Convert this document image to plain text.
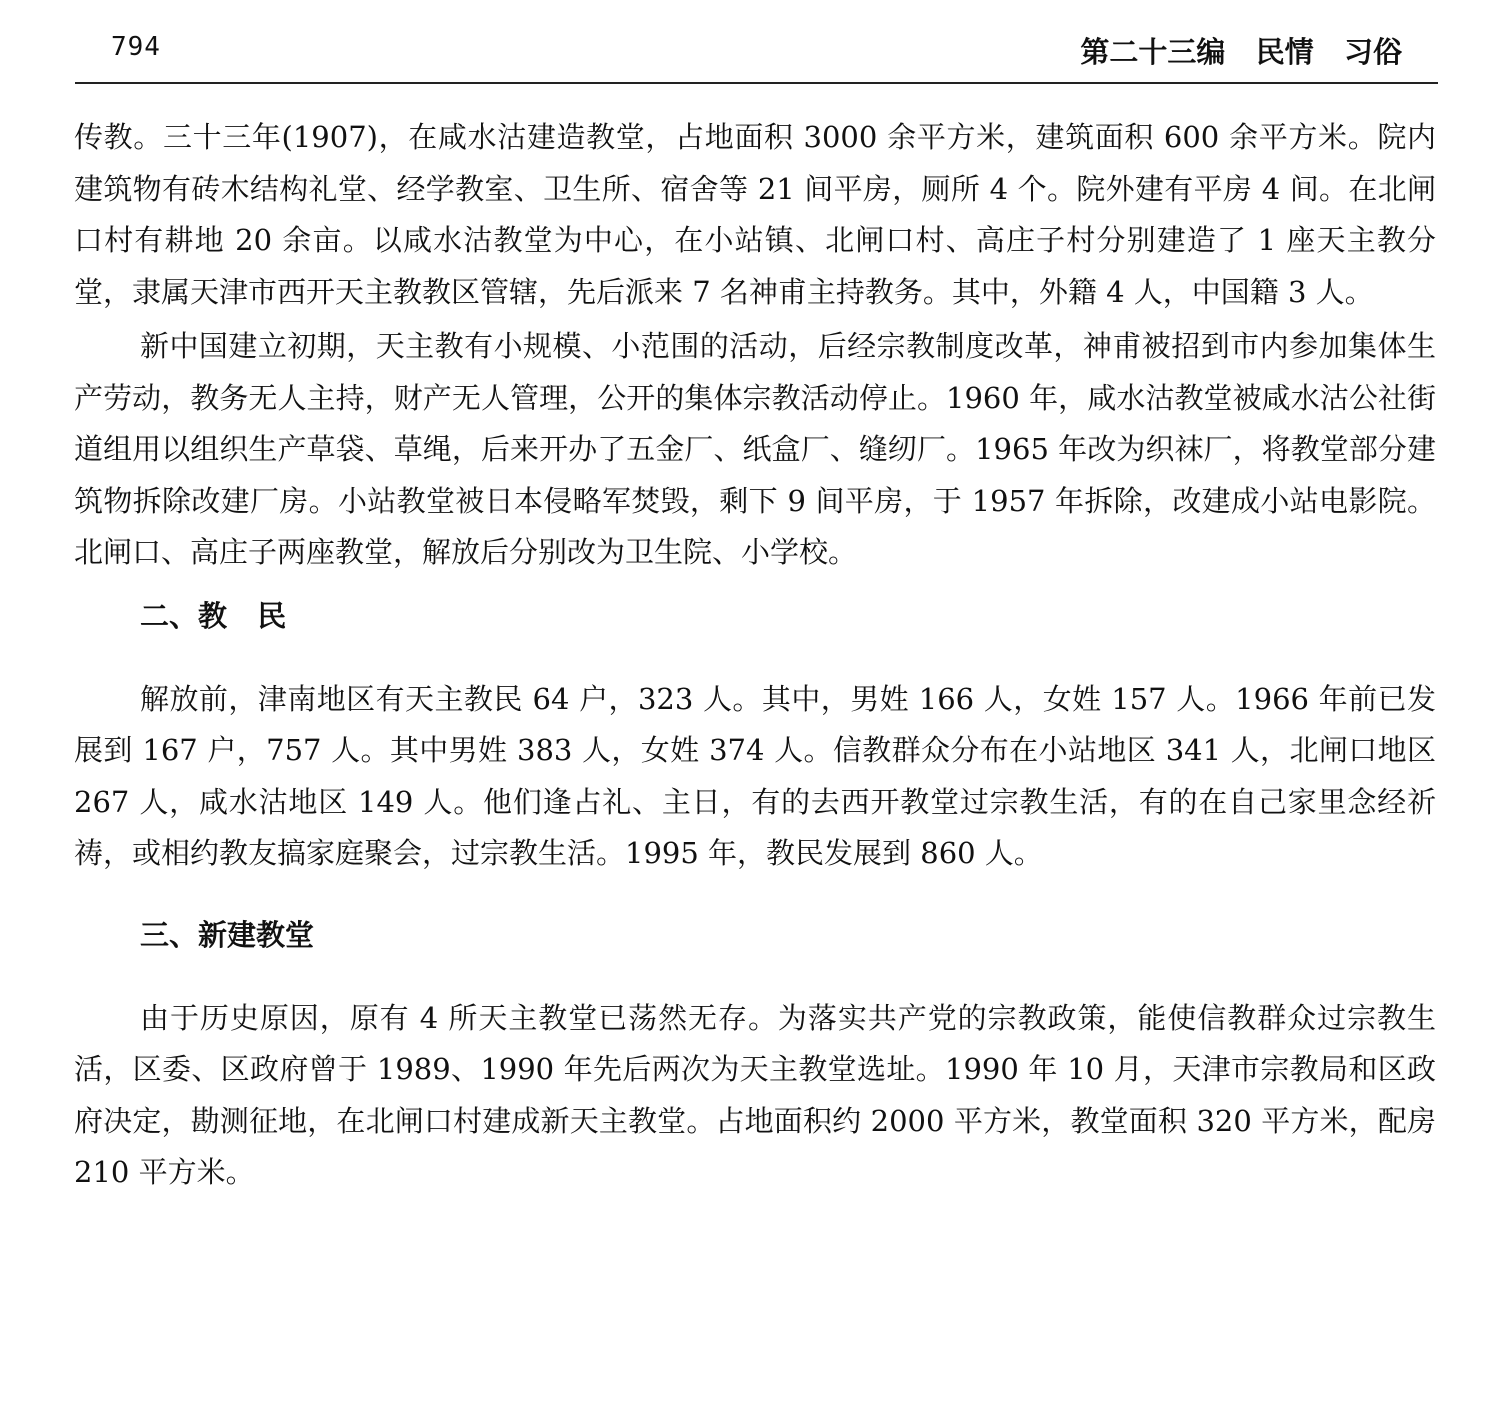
794	第二十三编   民情   习俗

传教。三十三年(1907)，在咸水沽建造教堂，占地面积 3000 余平方米，建筑面积 600 余平方米。院内建筑物有砖木结构礼堂、经学教室、卫生所、宿舍等 21 间平房，厕所 4 个。院外建有平房 4 间。在北闸口村有耕地 20 余亩。以咸水沽教堂为中心，在小站镇、北闸口村、高庄子村分别建造了 1 座天主教分堂，隶属天津市西开天主教教区管辖，先后派来 7 名神甫主持教务。其中，外籍 4 人，中国籍 3 人。

新中国建立初期，天主教有小规模、小范围的活动，后经宗教制度改革，神甫被招到市内参加集体生产劳动，教务无人主持，财产无人管理，公开的集体宗教活动停止。1960 年，咸水沽教堂被咸水沽公社街道组用以组织生产草袋、草绳，后来开办了五金厂、纸盒厂、缝纫厂。1965 年改为织袜厂，将教堂部分建筑物拆除改建厂房。小站教堂被日本侵略军焚毁，剩下 9 间平房，于 1957 年拆除，改建成小站电影院。北闸口、高庄子两座教堂，解放后分别改为卫生院、小学校。

二、教   民

解放前，津南地区有天主教民 64 户，323 人。其中，男姓 166 人，女姓 157 人。1966 年前已发展到 167 户，757 人。其中男姓 383 人，女姓 374 人。信教群众分布在小站地区 341 人，北闸口地区 267 人，咸水沽地区 149 人。他们逢占礼、主日，有的去西开教堂过宗教生活，有的在自己家里念经祈祷，或相约教友搞家庭聚会，过宗教生活。1995 年，教民发展到 860 人。

三、新建教堂

由于历史原因，原有 4 所天主教堂已荡然无存。为落实共产党的宗教政策，能使信教群众过宗教生活，区委、区政府曾于 1989、1990 年先后两次为天主教堂选址。1990 年 10 月，天津市宗教局和区政府决定，勘测征地，在北闸口村建成新天主教堂。占地面积约 2000 平方米，教堂面积 320 平方米，配房 210 平方米。
